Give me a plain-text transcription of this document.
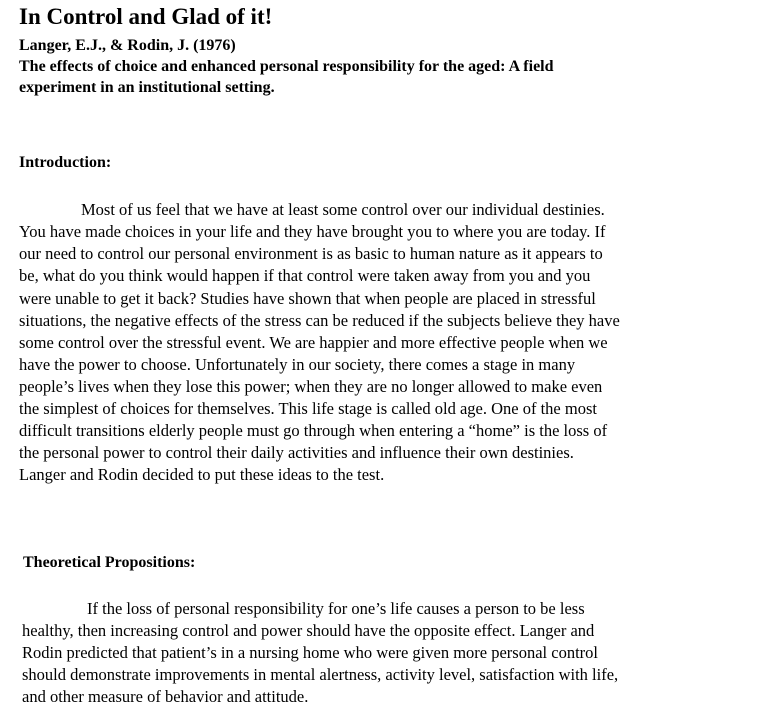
In Control and Glad of it!
Langer, E.J., & Rodin, J. (1976)
The effects of choice and enhanced personal responsibility for the aged: A field
experiment in an institutional setting.
Introduction:
Most of us feel that we have at least some control over our individual destinies.
You have made choices in your life and they have brought you to where you are today. If
our need to control our personal environment is as basic to human nature as it appears to
be, what do you think would happen if that control were taken away from you and you
were unable to get it back? Studies have shown that when people are placed in stressful
situations, the negative effects of the stress can be reduced if the subjects believe they have
some control over the stressful event. We are happier and more effective people when we
have the power to choose. Unfortunately in our society, there comes a stage in many
people’s lives when they lose this power; when they are no longer allowed to make even
the simplest of choices for themselves. This life stage is called old age. One of the most
difficult transitions elderly people must go through when entering a “home” is the loss of
the personal power to control their daily activities and influence their own destinies.
Langer and Rodin decided to put these ideas to the test.
Theoretical Propositions:
If the loss of personal responsibility for one’s life causes a person to be less
healthy, then increasing control and power should have the opposite effect. Langer and
Rodin predicted that patient’s in a nursing home who were given more personal control
should demonstrate improvements in mental alertness, activity level, satisfaction with life,
and other measure of behavior and attitude.
